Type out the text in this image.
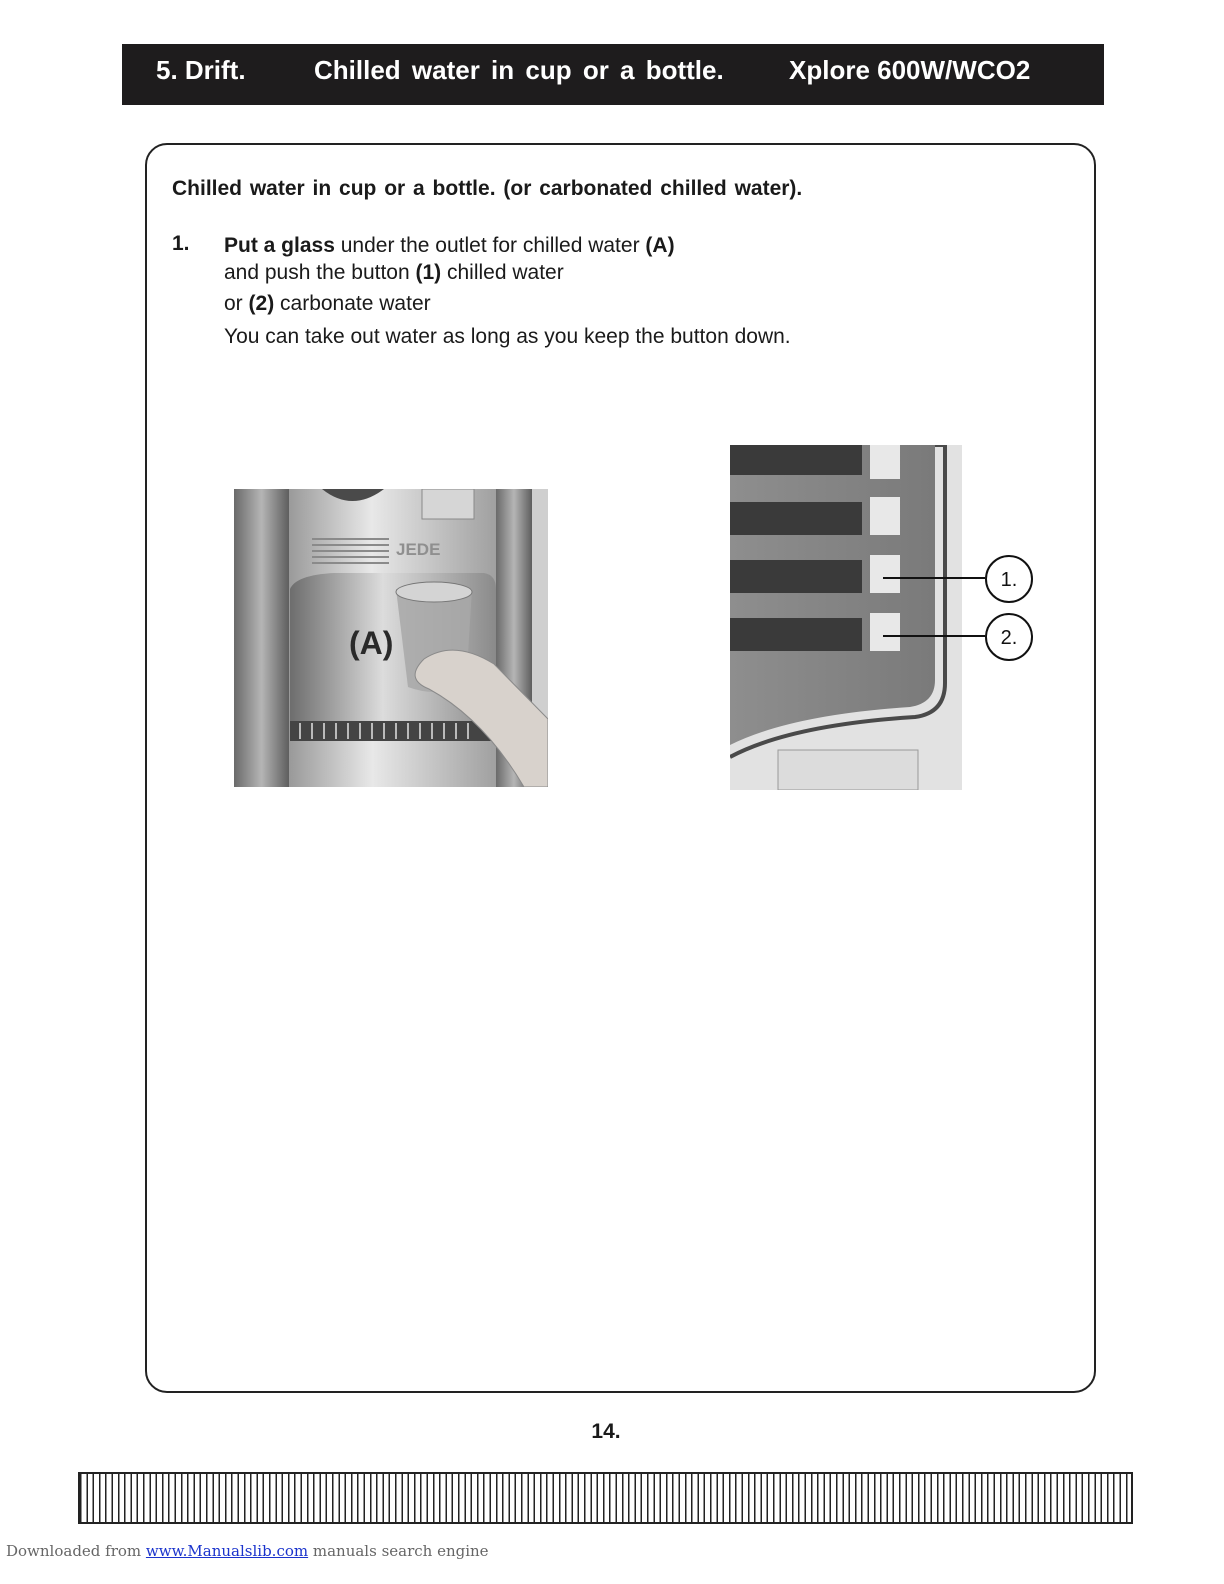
5. Drift.	Chilled water in cup or a bottle.	Xplore 600W/WCO2
Chilled water in cup or a bottle. (or carbonated chilled water).
1. Put a glass under the outlet for chilled water (A)
and push the button (1) chilled water
or (2) carbonate water
You can take out water as long as you keep the button down.
JEDE
(A)
1.
2.
14.
Downloaded from www.Manualslib.com manuals search engine
